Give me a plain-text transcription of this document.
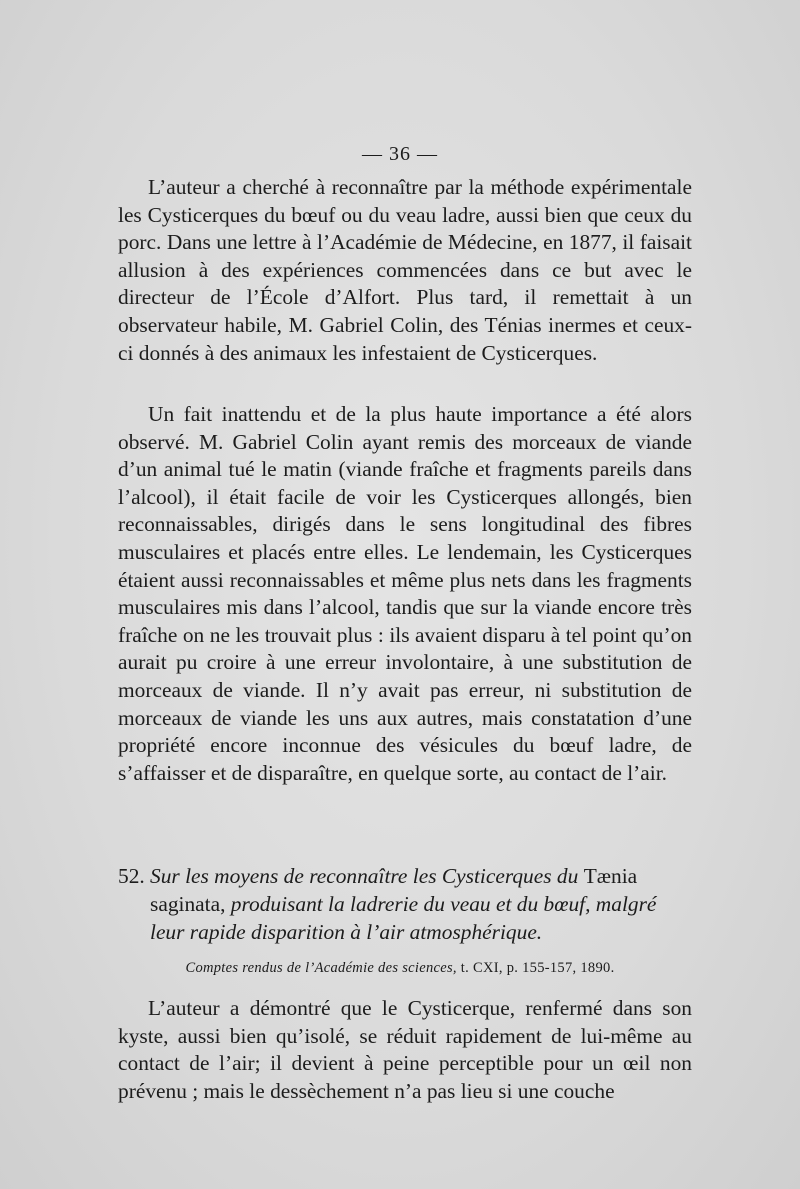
— 36 —

L’auteur a cherché à reconnaître par la méthode expérimentale les Cysticerques du bœuf ou du veau ladre, aussi bien que ceux du porc. Dans une lettre à l’Académie de Médecine, en 1877, il faisait allusion à des expériences commencées dans ce but avec le directeur de l’École d’Alfort. Plus tard, il remettait à un observateur habile, M. Gabriel Colin, des Ténias inermes et ceux-ci donnés à des animaux les infestaient de Cysticerques.

Un fait inattendu et de la plus haute importance a été alors observé. M. Gabriel Colin ayant remis des morceaux de viande d’un animal tué le matin (viande fraîche et fragments pareils dans l’alcool), il était facile de voir les Cysticerques allongés, bien reconnaissables, dirigés dans le sens longitudinal des fibres musculaires et placés entre elles. Le lendemain, les Cysticerques étaient aussi reconnaissables et même plus nets dans les fragments musculaires mis dans l’alcool, tandis que sur la viande encore très fraîche on ne les trouvait plus : ils avaient disparu à tel point qu’on aurait pu croire à une erreur involontaire, à une substitution de morceaux de viande. Il n’y avait pas erreur, ni substitution de morceaux de viande les uns aux autres, mais constatation d’une propriété encore inconnue des vésicules du bœuf ladre, de s’affaisser et de disparaître, en quelque sorte, au contact de l’air.

52. Sur les moyens de reconnaître les Cysticerques du Tænia
saginata, produisant la ladrerie du veau et du bœuf, malgré
leur rapide disparition à l’air atmosphérique.
Comptes rendus de l’Académie des sciences, t. CXI, p. 155-157, 1890.

L’auteur a démontré que le Cysticerque, renfermé dans son kyste, aussi bien qu’isolé, se réduit rapidement de lui-même au contact de l’air; il devient à peine perceptible pour un œil non prévenu ; mais le dessèchement n’a pas lieu si une couche
